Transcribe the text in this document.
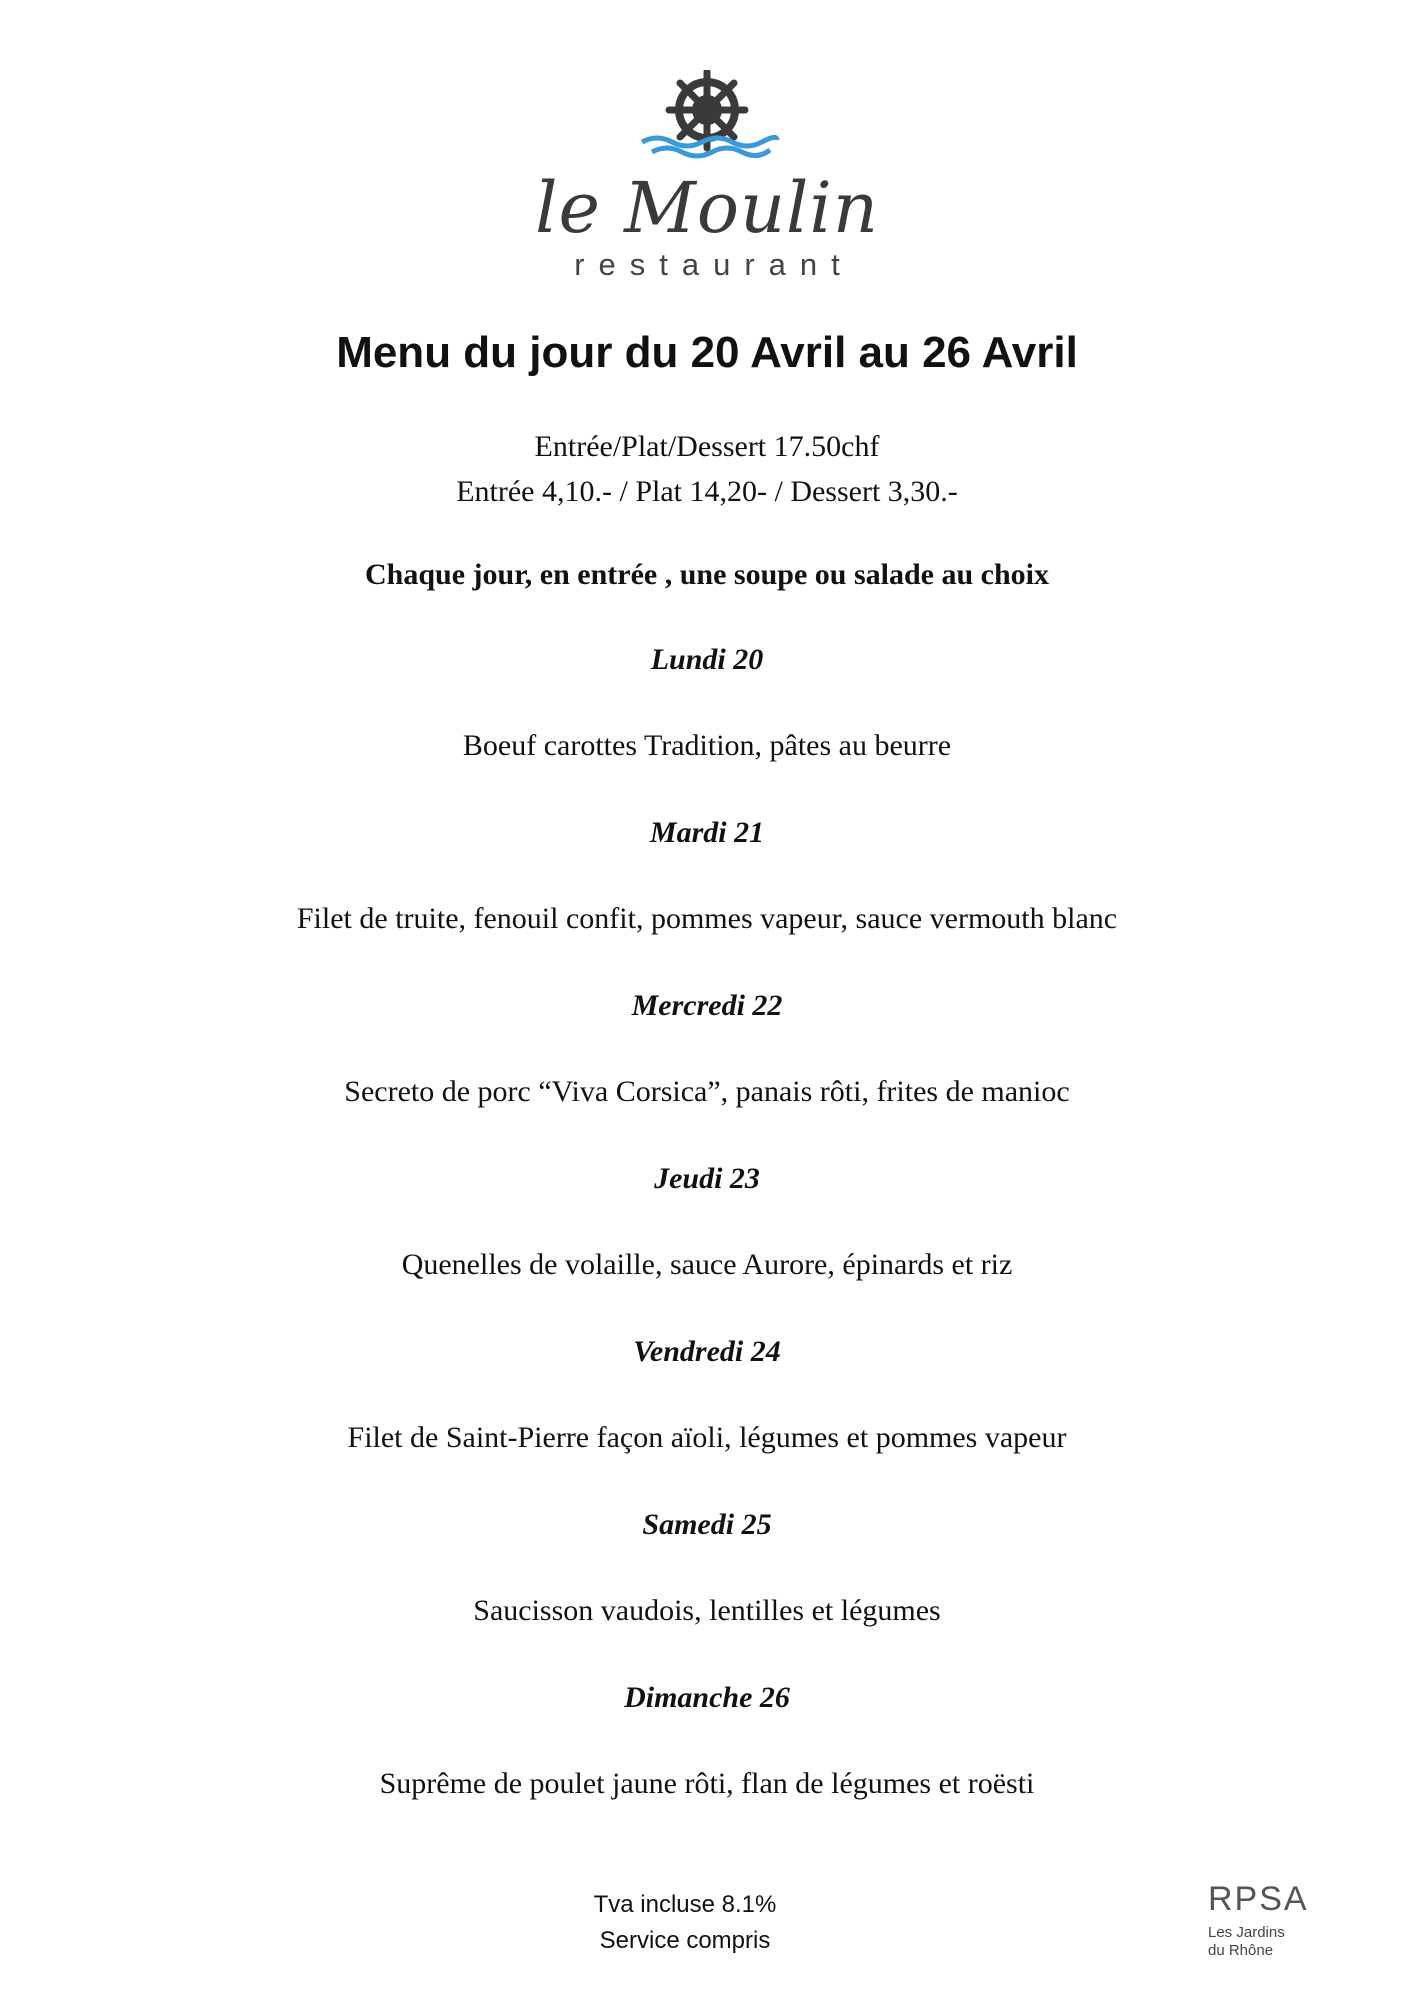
le Moulin
restaurant
Menu du jour du 20 Avril au 26 Avril
Entrée/Plat/Dessert 17.50chf
Entrée 4,10.- / Plat 14,20- / Dessert 3,30.-
Chaque jour, en entrée , une soupe ou salade au choix
Lundi 20
Boeuf carottes Tradition, pâtes au beurre
Mardi 21
Filet de truite, fenouil confit, pommes vapeur, sauce vermouth blanc
Mercredi 22
Secreto de porc “Viva Corsica”, panais rôti, frites de manioc
Jeudi 23
Quenelles de volaille, sauce Aurore, épinards et riz
Vendredi 24
Filet de Saint-Pierre façon aïoli, légumes et pommes vapeur
Samedi 25
Saucisson vaudois, lentilles et légumes
Dimanche 26
Suprême de poulet jaune rôti, flan de légumes et roësti
Tva incluse 8.1%
Service compris
RPSA
Les Jardins
du Rhône
